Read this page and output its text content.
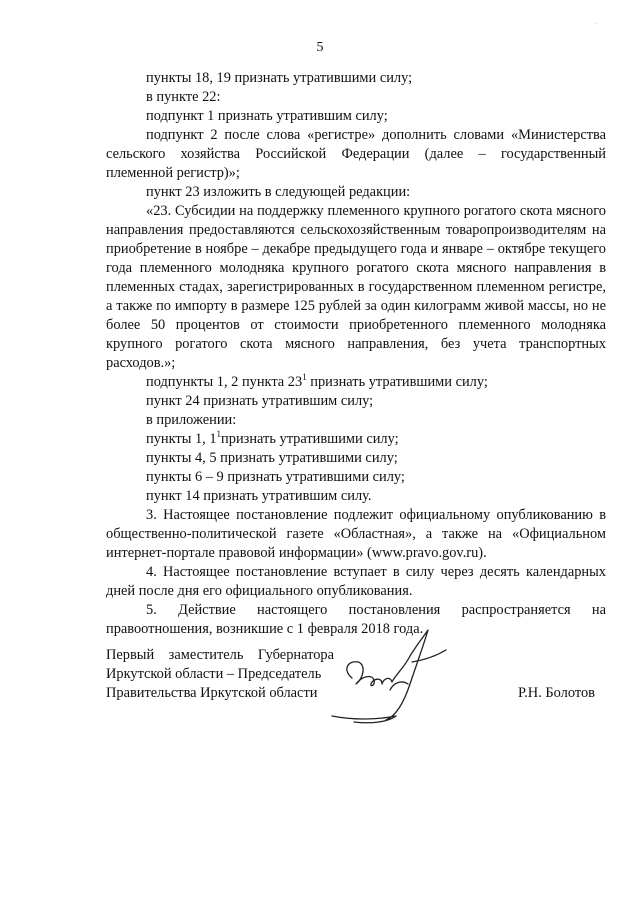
.
5

пункты 18, 19 признать утратившими силу;

в пункте 22:

подпункт 1 признать утратившим силу;

подпункт 2 после слова «регистре» дополнить словами «Министерства сельского хозяйства Российской Федерации (далее – государственный племенной регистр)»;

пункт 23 изложить в следующей редакции:

«23. Субсидии на поддержку племенного крупного рогатого скота мясного направления предоставляются сельскохозяйственным товаропроизводителям на приобретение в ноябре – декабре предыдущего года и январе – октябре текущего года племенного молодняка крупного рогатого скота мясного направления в племенных стадах, зарегистрированных в государственном племенном регистре, а также по импорту в размере 125 рублей за один килограмм живой массы, но не более 50 процентов от стоимости приобретенного племенного молодняка крупного рогатого скота мясного направления, без учета транспортных расходов.»;

подпункты 1, 2 пункта $23^1$ признать утратившими силу;

пункт 24 признать утратившим силу;

в приложении:

пункты 1, $1^1признать$ утратившими силу;

пункты 4, 5 признать утратившими силу;

пункты 6 – 9 признать утратившими силу;

пункт 14 признать утратившим силу.

3. Настоящее постановление подлежит официальному опубликованию в общественно-политической газете «Областная», а также на «Официальном интернет-портале правовой информации» (www.pravo.gov.ru).

4. Настоящее постановление вступает в силу через десять календарных дней после дня его официального опубликования.

5. Действие настоящего постановления распространяется на правоотношения, возникшие с 1 февраля 2018 года.

Первый заместитель Губернатора
Иркутской области – Председатель
Правительства Иркутской области	Р.Н. Болотов
